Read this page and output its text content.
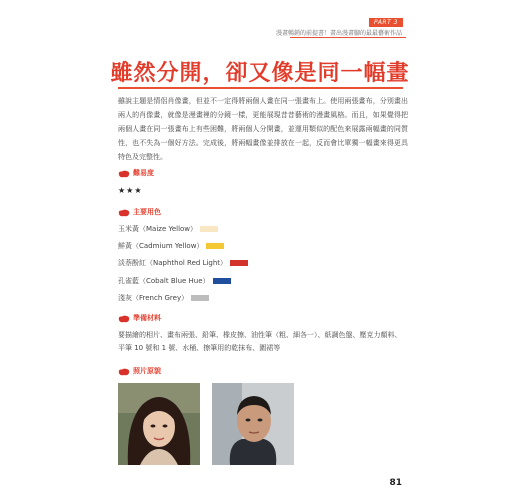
PART 3
漫畫暢銷的前提書！畫出漫畫腳的最最藝術作品
雖然分開，卻又像是同一幅畫
雖說主題是情侶肖像畫，但並不一定得將兩個人畫在同一張畫布上。使用兩張畫布，分別畫出兩人的肖像畫，就像是漫畫裡的分鏡一樣，更能展現昔昔藝術的漫畫風格。而且，如果覺得把兩個人畫在同一張畫布上有些困難，將兩個人分開畫，並運用類似的配色來展露兩幅畫的同質性，也不失為一個好方法。完成後，將兩幅畫像並排放在一起，反而會比單獨一幅畫來得更具特色及完整性。
難易度
★★★
主要用色
玉米黃（Maize Yellow）
鮮黃（Cadmium Yellow）
淡萘酚紅（Naphthol Red Light）
孔雀藍（Cobalt Blue Hue）
淺灰（French Grey）
準備材料
要描繪的相片、畫布兩張、鉛筆、橡皮擦、油性筆（粗、細各一）、紙調色盤、壓克力顏料、平筆 10 號和 1 號、水桶、擦筆用的乾抹布、圍裙等
照片原貌
81
